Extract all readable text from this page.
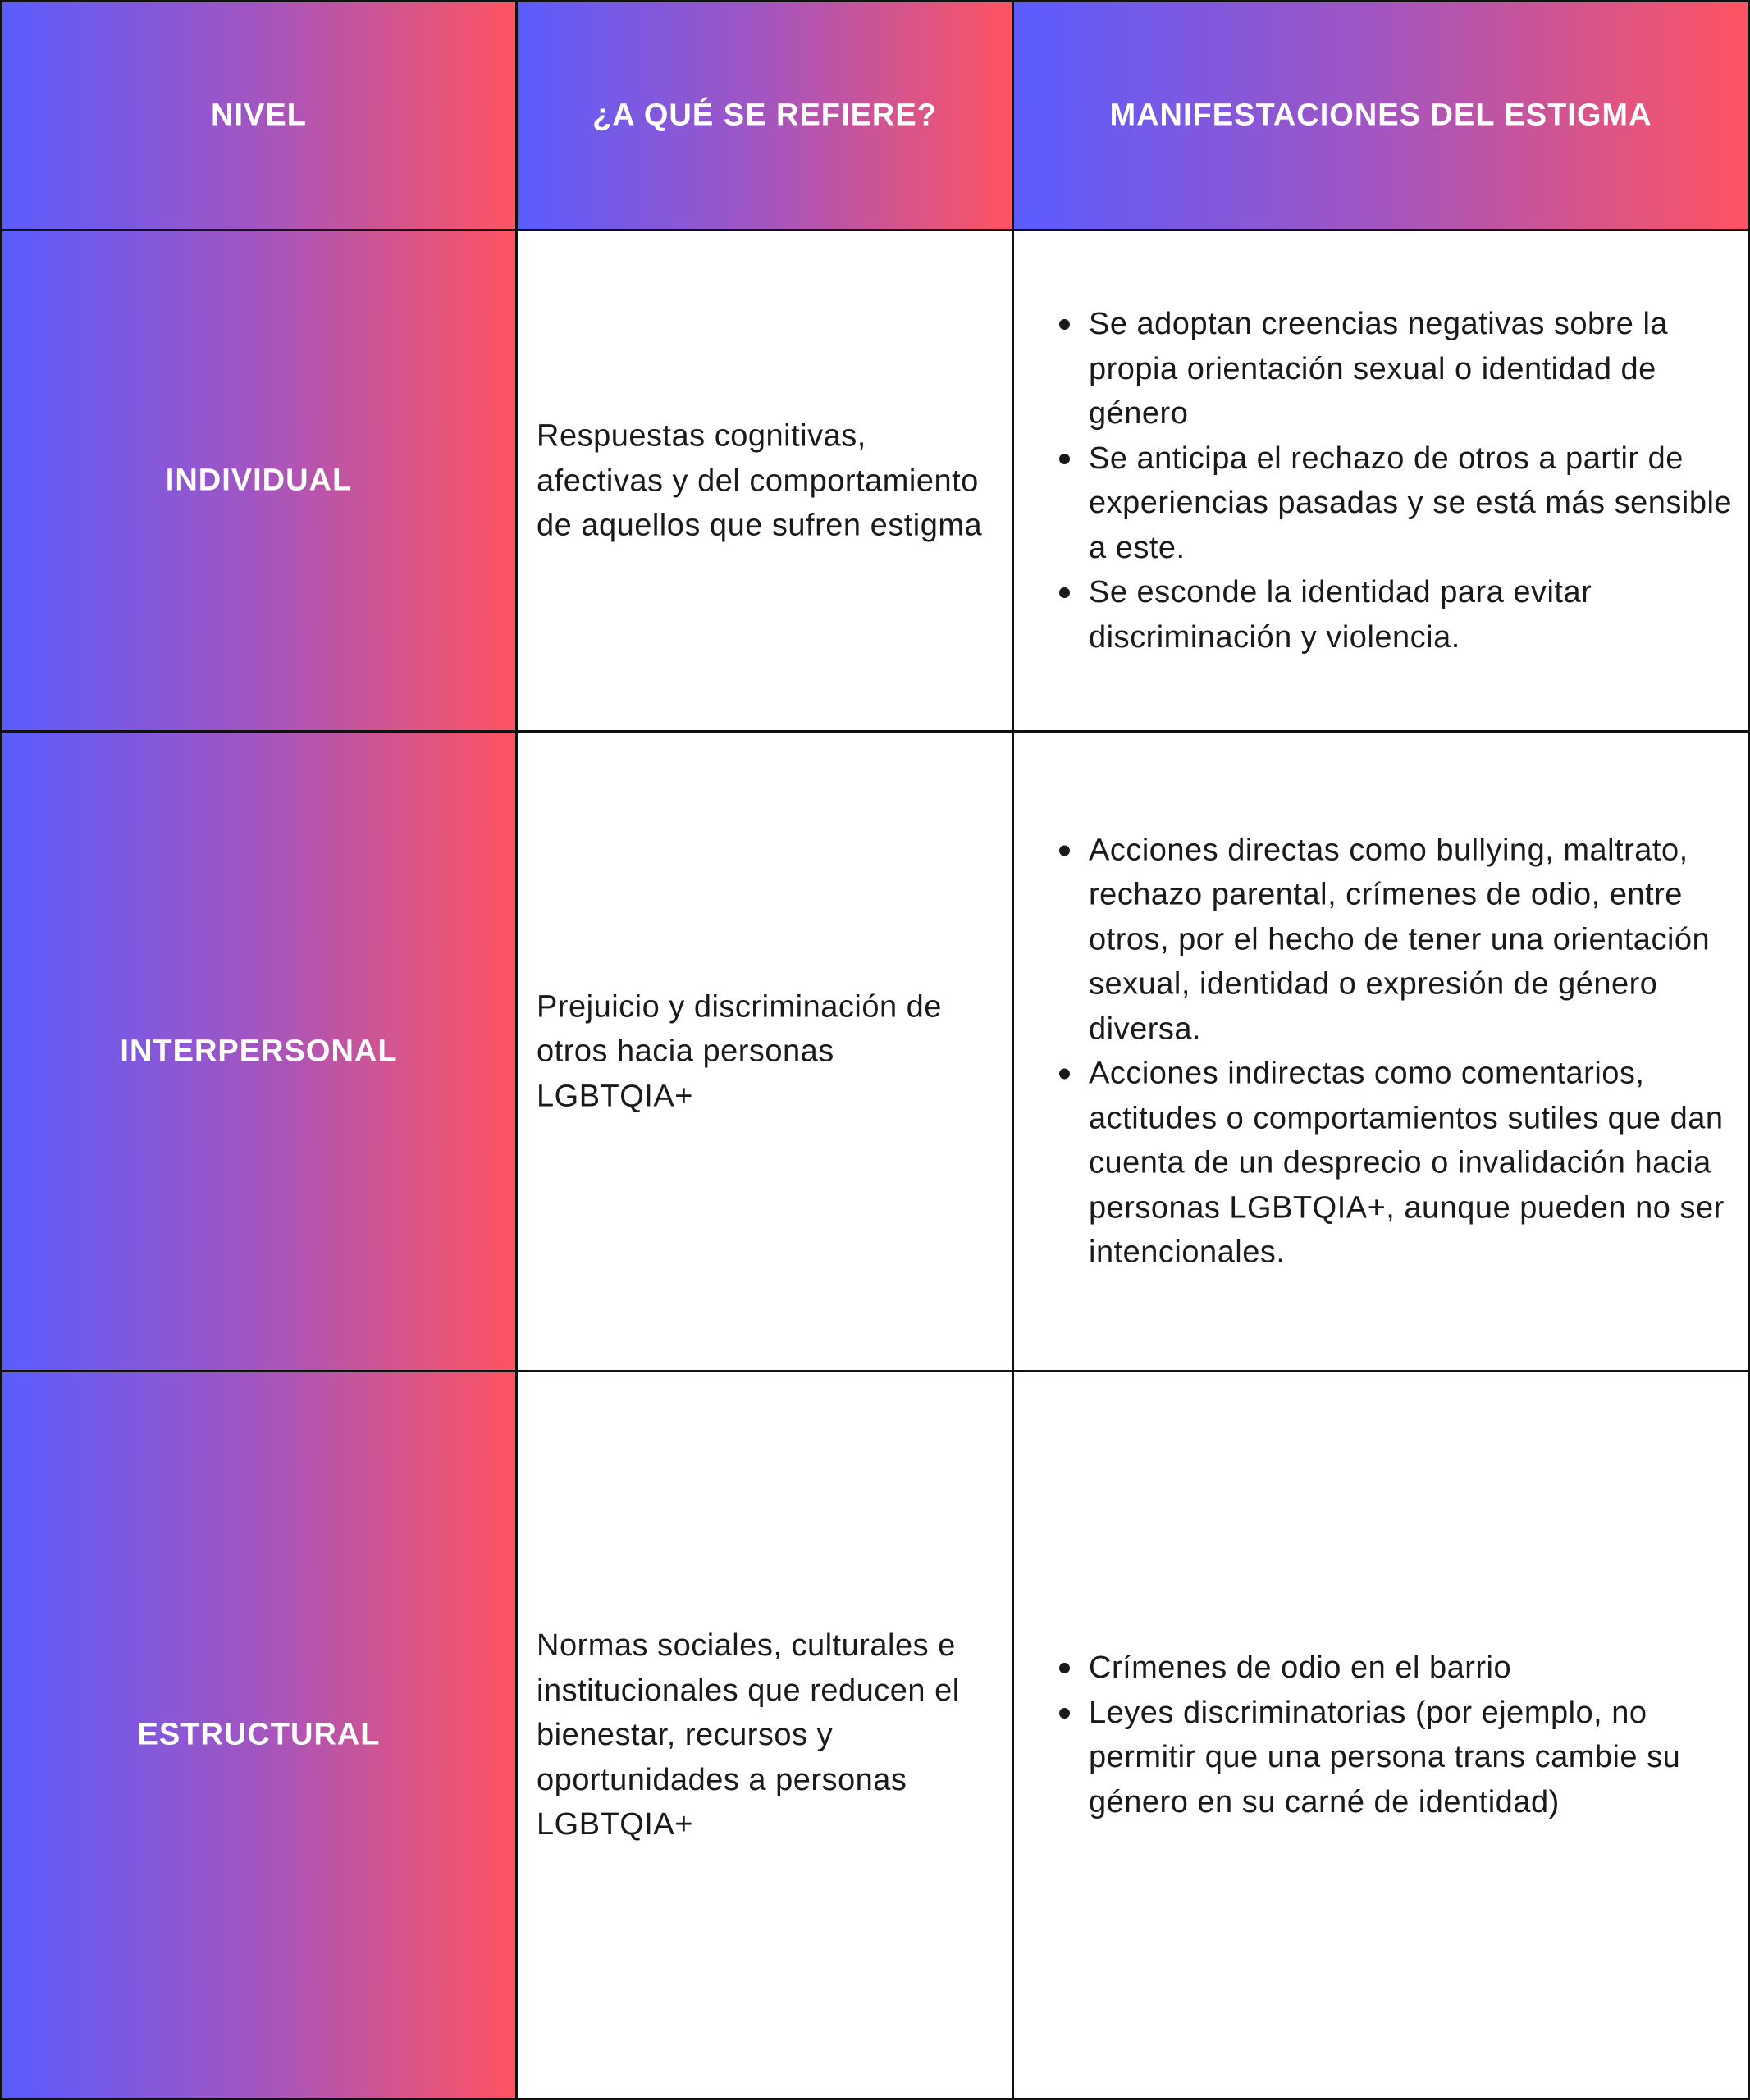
NIVEL	¿A QUÉ SE REFIERE?	MANIFESTACIONES DEL ESTIGMA
INDIVIDUAL
Respuestas cognitivas, afectivas y del comportamiento de aquellos que sufren estigma
Se adoptan creencias negativas sobre la propia orientación sexual o identidad de género
Se anticipa el rechazo de otros a partir de experiencias pasadas y se está más sensible a este.
Se esconde la identidad para evitar discriminación y violencia.
INTERPERSONAL
Prejuicio y discriminación de otros hacia personas LGBTQIA+
Acciones directas como bullying, maltrato, rechazo parental, crímenes de odio, entre otros, por el hecho de tener una orientación sexual, identidad o expresión de género diversa.
Acciones indirectas como comentarios, actitudes o comportamientos sutiles que dan cuenta de un desprecio o invalidación hacia personas LGBTQIA+, aunque pueden no ser intencionales.
ESTRUCTURAL
Normas sociales, culturales e institucionales que reducen el bienestar, recursos y oportunidades a personas LGBTQIA+
Crímenes de odio en el barrio
Leyes discriminatorias (por ejemplo, no permitir que una persona trans cambie su género en su carné de identidad)
